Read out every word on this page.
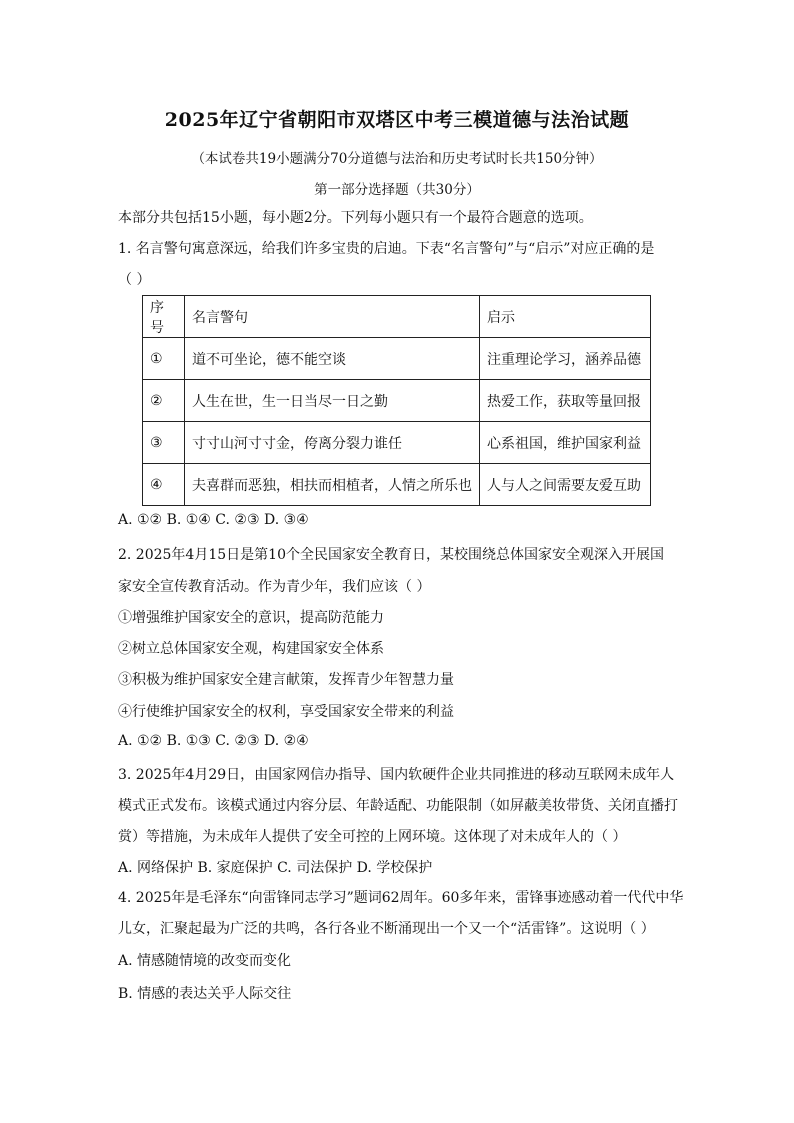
2025年辽宁省朝阳市双塔区中考三模道德与法治试题
（本试卷共19小题满分70分道德与法治和历史考试时长共150分钟）
第一部分选择题（共30分）
本部分共包括15小题，每小题2分。下列每小题只有一个最符合题意的选项。
1. 名言警句寓意深远，给我们许多宝贵的启迪。下表“名言警句”与“启示”对应正确的是
（ ）
序号	名言警句	启示
①	道不可坐论，德不能空谈	注重理论学习，涵养品德
②	人生在世，生一日当尽一日之勤	热爱工作，获取等量回报
③	寸寸山河寸寸金，侉离分裂力谁任	心系祖国，维护国家利益
④	夫喜群而恶独，相扶而相植者，人情之所乐也	人与人之间需要友爱互助
A. ①② B. ①④ C. ②③ D. ③④
2. 2025年4月15日是第10个全民国家安全教育日，某校围绕总体国家安全观深入开展国
家安全宣传教育活动。作为青少年，我们应该（ ）
①增强维护国家安全的意识，提高防范能力
②树立总体国家安全观，构建国家安全体系
③积极为维护国家安全建言献策，发挥青少年智慧力量
④行使维护国家安全的权利，享受国家安全带来的利益
A. ①② B. ①③ C. ②③ D. ②④
3. 2025年4月29日，由国家网信办指导、国内软硬件企业共同推进的移动互联网未成年人
模式正式发布。该模式通过内容分层、年龄适配、功能限制（如屏蔽美妆带货、关闭直播打
赏）等措施，为未成年人提供了安全可控的上网环境。这体现了对未成年人的（ ）
A. 网络保护 B. 家庭保护 C. 司法保护 D. 学校保护
4. 2025年是毛泽东“向雷锋同志学习”题词62周年。60多年来，雷锋事迹感动着一代代中华
儿女，汇聚起最为广泛的共鸣，各行各业不断涌现出一个又一个“活雷锋”。这说明（ ）
A. 情感随情境的改变而变化
B. 情感的表达关乎人际交往
